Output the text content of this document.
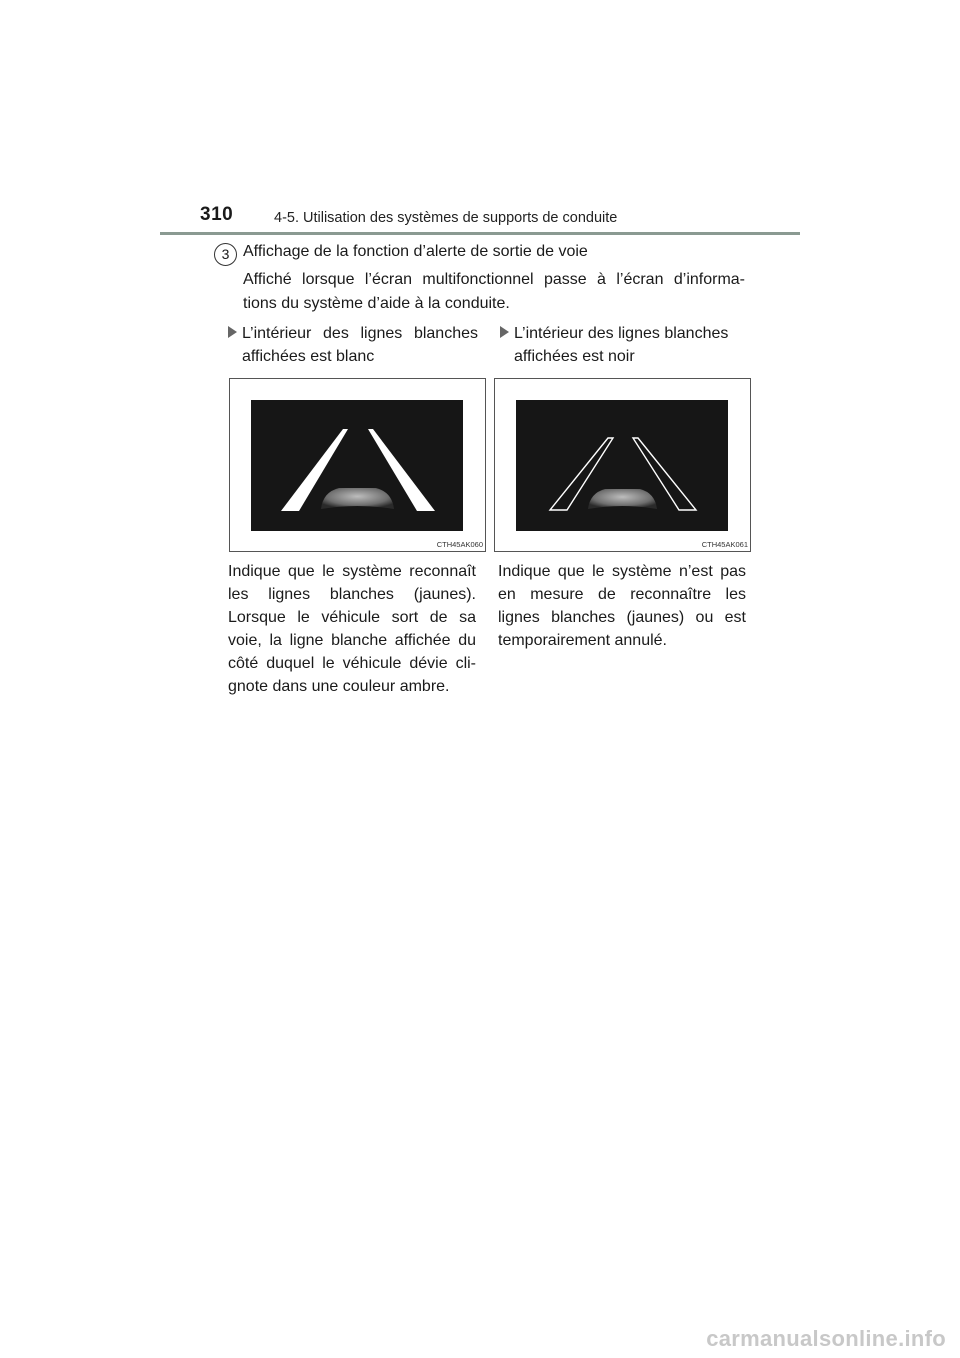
310	4-5. Utilisation des systèmes de supports de conduite
3 Affichage de la fonction d’alerte de sortie de voie
Affiché lorsque l’écran multifonctionnel passe à l’écran d’informa-
tions du système d’aide à la conduite.
L’intérieur des lignes blanches
affichées est blanc
L’intérieur des lignes blanches
affichées est noir
CTH45AK060	CTH45AK061
Indique que le système reconnaît
les lignes blanches (jaunes).
Lorsque le véhicule sort de sa
voie, la ligne blanche affichée du
côté duquel le véhicule dévie cli-
gnote dans une couleur ambre.
Indique que le système n’est pas
en mesure de reconnaître les
lignes blanches (jaunes) ou est
temporairement annulé.
carmanualsonline.info
